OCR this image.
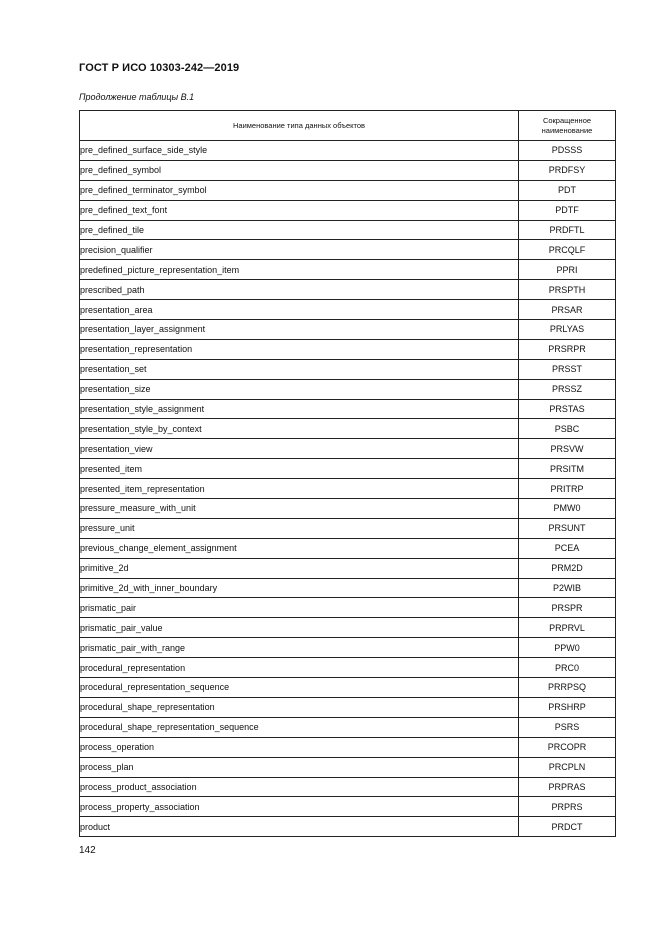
ГОСТ Р ИСО 10303-242—2019
Продолжение таблицы В.1
Наименование типа данных объектов	Сокращенное наименование
pre_defined_surface_side_style	PDSSS
pre_defined_symbol	PRDFSY
pre_defined_terminator_symbol	PDT
pre_defined_text_font	PDTF
pre_defined_tile	PRDFTL
precision_qualifier	PRCQLF
predefined_picture_representation_item	PPRI
prescribed_path	PRSPTH
presentation_area	PRSAR
presentation_layer_assignment	PRLYAS
presentation_representation	PRSRPR
presentation_set	PRSST
presentation_size	PRSSZ
presentation_style_assignment	PRSTAS
presentation_style_by_context	PSBC
presentation_view	PRSVW
presented_item	PRSITM
presented_item_representation	PRITRP
pressure_measure_with_unit	PMW0
pressure_unit	PRSUNT
previous_change_element_assignment	PCEA
primitive_2d	PRM2D
primitive_2d_with_inner_boundary	P2WIB
prismatic_pair	PRSPR
prismatic_pair_value	PRPRVL
prismatic_pair_with_range	PPW0
procedural_representation	PRC0
procedural_representation_sequence	PRRPSQ
procedural_shape_representation	PRSHRP
procedural_shape_representation_sequence	PSRS
process_operation	PRCOPR
process_plan	PRCPLN
process_product_association	PRPRAS
process_property_association	PRPRS
product	PRDCT
142
